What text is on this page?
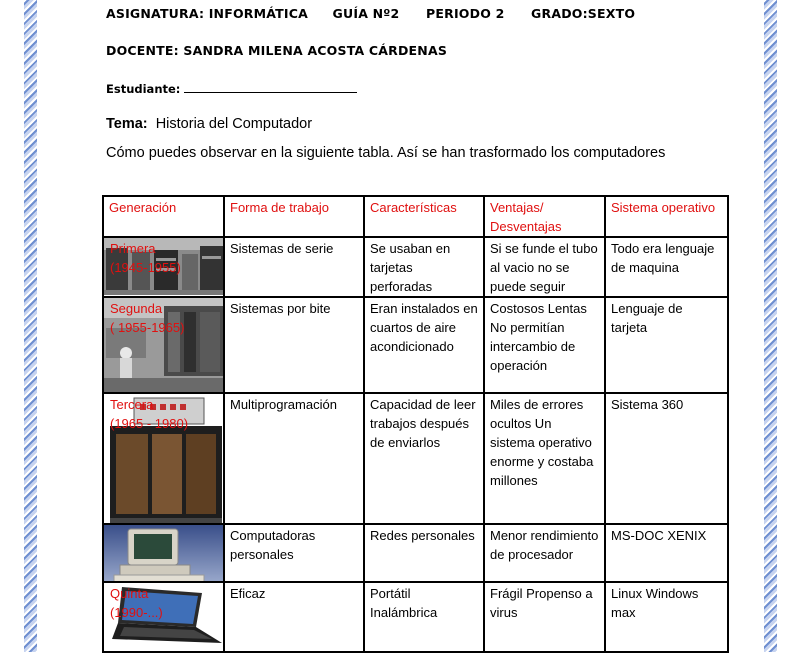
ASIGNATURA: INFORMÁTICA GUÍA Nº2 PERIODO 2 GRADO:SEXTO
DOCENTE: SANDRA MILENA ACOSTA CÁRDENAS
Estudiante:
Tema: Historia del Computador
Cómo puedes observar en la siguiente tabla. Así se han trasformado los computadores
Generación	Forma de trabajo	Características	Ventajas/ Desventajas	Sistema operativo

Primera
(1945-1955)	Sistemas de serie	Se usaban en tarjetas perforadas	Si se funde el tubo al vacio no se puede seguir	Todo era lenguaje de maquina

Segunda
( 1955-1965)	Sistemas por bite	Eran instalados en cuartos de aire acondicionado	Costosos Lentas No permitían intercambio de operación	Lenguaje de tarjeta

Tercera
(1965 - 1980)	Multiprogramación	Capacidad de leer trabajos después de enviarlos	Miles de errores ocultos Un sistema operativo enorme y costaba millones	Sistema 360

	Computadoras personales	Redes personales	Menor rendimiento de procesador	MS-DOC XENIX

Quinta
(1990-...)	Eficaz	Portátil Inalámbrica	Frágil Propenso a virus	Linux Windows max
